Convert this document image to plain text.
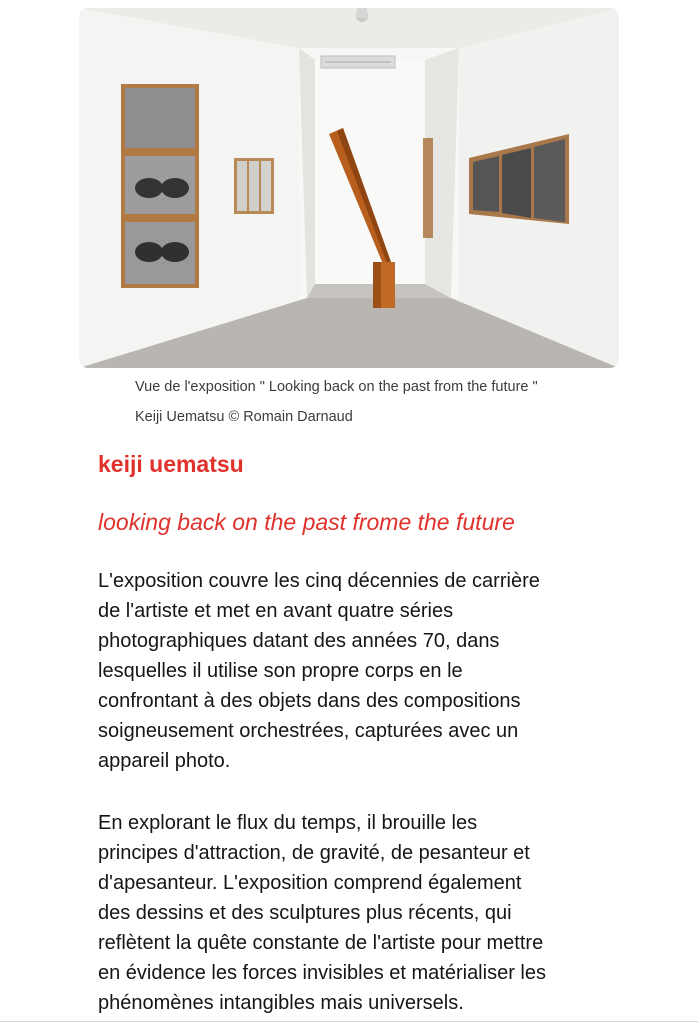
Vue de l'exposition " Looking back on the past from the future "
Keiji Uematsu © Romain Darnaud
keiji uematsu
looking back on the past frome the future

L'exposition couvre les cinq décennies de carrière
de l'artiste et met en avant quatre séries
photographiques datant des années 70, dans
lesquelles il utilise son propre corps en le
confrontant à des objets dans des compositions
soigneusement orchestrées, capturées avec un
appareil photo.

En explorant le flux du temps, il brouille les
principes d'attraction, de gravité, de pesanteur et
d'apesanteur. L'exposition comprend également
des dessins et des sculptures plus récents, qui
reflètent la quête constante de l'artiste pour mettre
en évidence les forces invisibles et matérialiser les
phénomènes intangibles mais universels.
